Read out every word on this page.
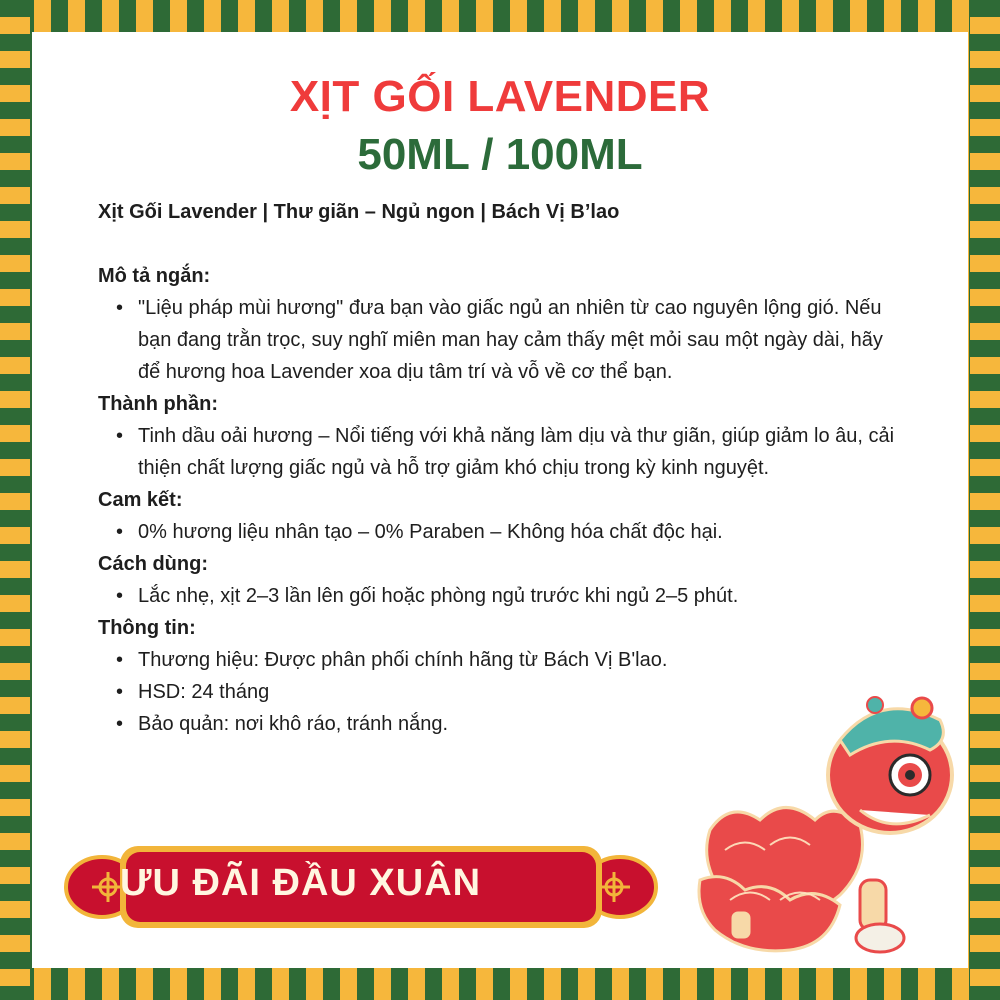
XỊT GỐI LAVENDER
50ML / 100ML
Xịt Gối Lavender | Thư giãn – Ngủ ngon | Bách Vị B’lao
Mô tả ngắn:
• "Liệu pháp mùi hương" đưa bạn vào giấc ngủ an nhiên từ cao nguyên lộng gió. Nếu bạn đang trằn trọc, suy nghĩ miên man hay cảm thấy mệt mỏi sau một ngày dài, hãy để hương hoa Lavender xoa dịu tâm trí và vỗ về cơ thể bạn.
Thành phần:
• Tinh dầu oải hương – Nổi tiếng với khả năng làm dịu và thư giãn, giúp giảm lo âu, cải thiện chất lượng giấc ngủ và hỗ trợ giảm khó chịu trong kỳ kinh nguyệt.
Cam kết:
• 0% hương liệu nhân tạo – 0% Paraben – Không hóa chất độc hại.
Cách dùng:
• Lắc nhẹ, xịt 2–3 lần lên gối hoặc phòng ngủ trước khi ngủ 2–5 phút.
Thông tin:
• Thương hiệu: Được phân phối chính hãng từ Bách Vị B'lao.
• HSD: 24 tháng
• Bảo quản: nơi khô ráo, tránh nắng.
ƯU ĐÃI ĐẦU XUÂN
